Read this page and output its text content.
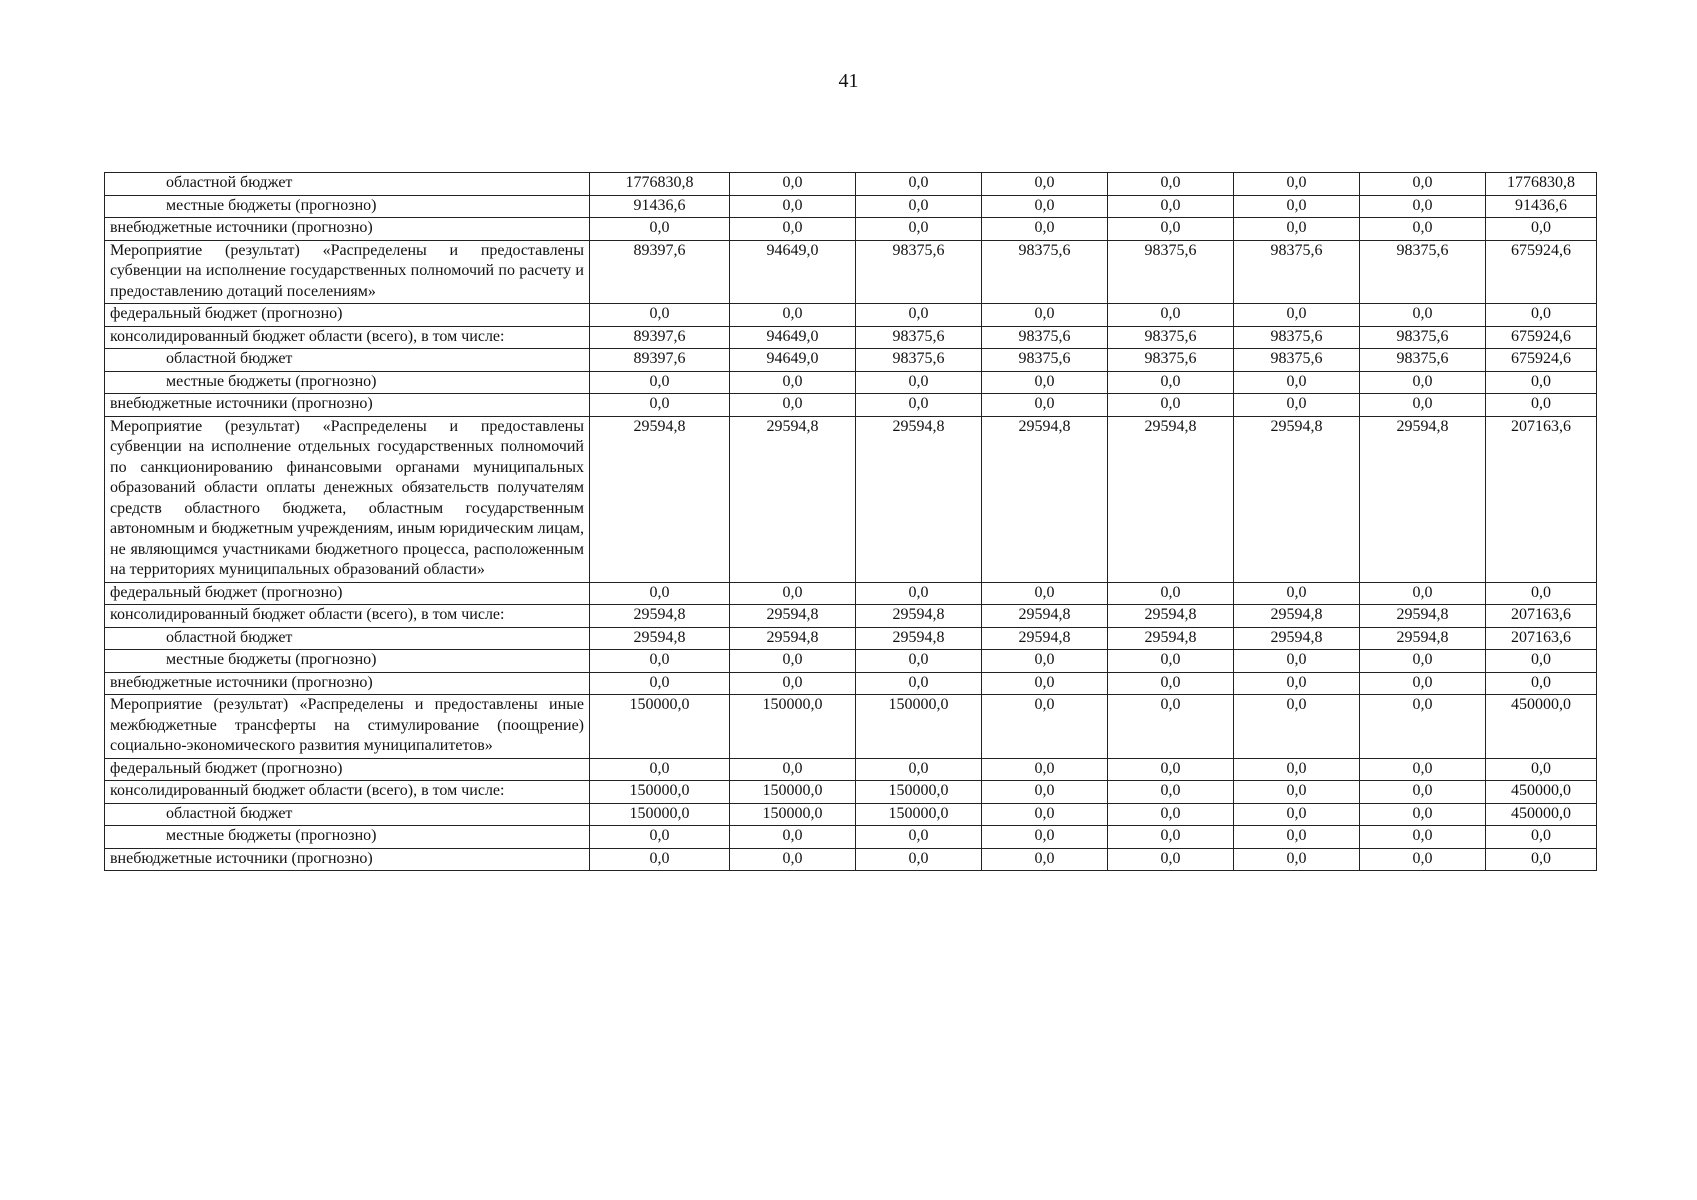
41
областной бюджет	1776830,8	0,0	0,0	0,0	0,0	0,0	0,0	1776830,8
местные бюджеты (прогнозно)	91436,6	0,0	0,0	0,0	0,0	0,0	0,0	91436,6
внебюджетные источники (прогнозно)	0,0	0,0	0,0	0,0	0,0	0,0	0,0	0,0
Мероприятие (результат) «Распределены и предоставлены субвенции на исполнение государственных полномочий по расчету и предоставлению дотаций поселениям»	89397,6	94649,0	98375,6	98375,6	98375,6	98375,6	98375,6	675924,6
федеральный бюджет (прогнозно)	0,0	0,0	0,0	0,0	0,0	0,0	0,0	0,0
консолидированный бюджет области (всего), в том числе:	89397,6	94649,0	98375,6	98375,6	98375,6	98375,6	98375,6	675924,6
областной бюджет	89397,6	94649,0	98375,6	98375,6	98375,6	98375,6	98375,6	675924,6
местные бюджеты (прогнозно)	0,0	0,0	0,0	0,0	0,0	0,0	0,0	0,0
внебюджетные источники (прогнозно)	0,0	0,0	0,0	0,0	0,0	0,0	0,0	0,0
Мероприятие (результат) «Распределены и предоставлены субвенции на исполнение отдельных государственных полномочий по санкционированию финансовыми органами муниципальных образований области оплаты денежных обязательств получателям средств областного бюджета, областным государственным автономным и бюджетным учреждениям, иным юридическим лицам, не являющимся участниками бюджетного процесса, расположенным на территориях муниципальных образований области»	29594,8	29594,8	29594,8	29594,8	29594,8	29594,8	29594,8	207163,6
федеральный бюджет (прогнозно)	0,0	0,0	0,0	0,0	0,0	0,0	0,0	0,0
консолидированный бюджет области (всего), в том числе:	29594,8	29594,8	29594,8	29594,8	29594,8	29594,8	29594,8	207163,6
областной бюджет	29594,8	29594,8	29594,8	29594,8	29594,8	29594,8	29594,8	207163,6
местные бюджеты (прогнозно)	0,0	0,0	0,0	0,0	0,0	0,0	0,0	0,0
внебюджетные источники (прогнозно)	0,0	0,0	0,0	0,0	0,0	0,0	0,0	0,0
Мероприятие (результат) «Распределены и предоставлены иные межбюджетные трансферты на стимулирование (поощрение) социально-экономического развития муниципалитетов»	150000,0	150000,0	150000,0	0,0	0,0	0,0	0,0	450000,0
федеральный бюджет (прогнозно)	0,0	0,0	0,0	0,0	0,0	0,0	0,0	0,0
консолидированный бюджет области (всего), в том числе:	150000,0	150000,0	150000,0	0,0	0,0	0,0	0,0	450000,0
областной бюджет	150000,0	150000,0	150000,0	0,0	0,0	0,0	0,0	450000,0
местные бюджеты (прогнозно)	0,0	0,0	0,0	0,0	0,0	0,0	0,0	0,0
внебюджетные источники (прогнозно)	0,0	0,0	0,0	0,0	0,0	0,0	0,0	0,0
